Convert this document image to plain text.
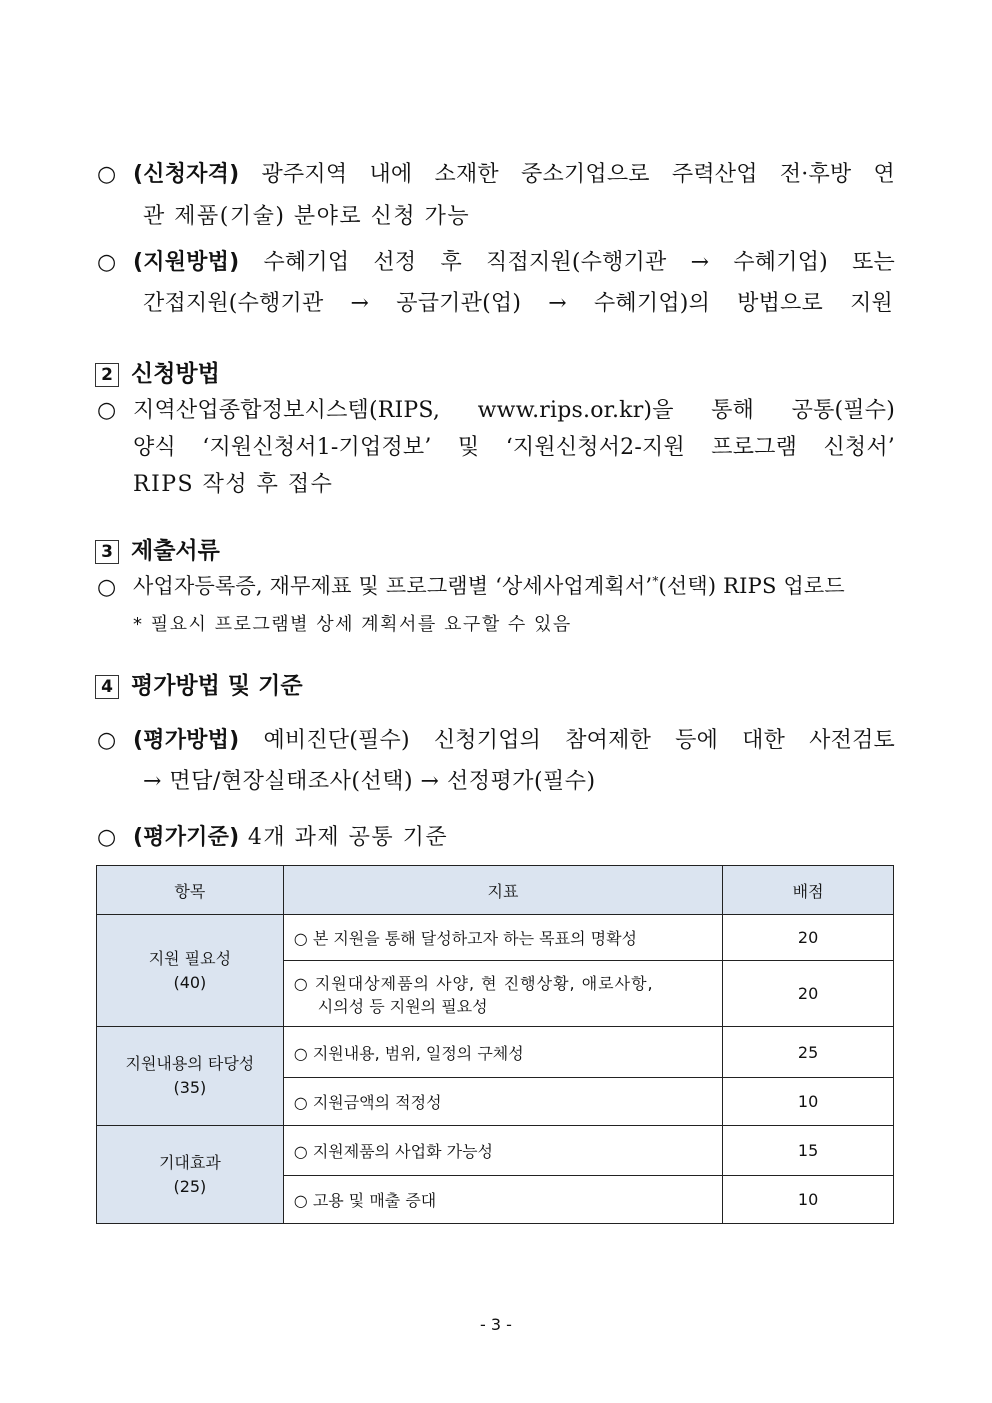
○ (신청자격) 광주지역 내에 소재한 중소기업으로 주력산업 전·후방 연
관 제품(기술) 분야로 신청 가능
○ (지원방법) 수혜기업 선정 후 직접지원(수행기관 → 수혜기업) 또는
간접지원(수행기관 → 공급기관(업) → 수혜기업)의 방법으로 지원
2 신청방법
○ 지역산업종합정보시스템(RIPS, www.rips.or.kr)을 통해 공통(필수)
양식 ‘지원신청서1-기업정보’ 및 ‘지원신청서2-지원 프로그램 신청서’
RIPS 작성 후 접수
3 제출서류
○ 사업자등록증, 재무제표 및 프로그램별 ‘상세사업계획서’*(선택) RIPS 업로드
* 필요시 프로그램별 상세 계획서를 요구할 수 있음
4 평가방법 및 기준
○ (평가방법) 예비진단(필수) 신청기업의 참여제한 등에 대한 사전검토
→ 면담/현장실태조사(선택) → 선정평가(필수)
○ (평가기준) 4개 과제 공통 기준
항목	지표	배점

지원 필요성
(40)	○ 본 지원을 통해 달성하고자 하는 목표의 명확성	20

	○ 지원대상제품의 사양, 현 진행상황, 애로사항,
시의성 등 지원의 필요성	20

지원내용의 타당성
(35)	○ 지원내용, 범위, 일정의 구체성	25
	○ 지원금액의 적정성	10

기대효과
(25)	○ 지원제품의 사업화 가능성	15
	○ 고용 및 매출 증대	10
- 3 -
